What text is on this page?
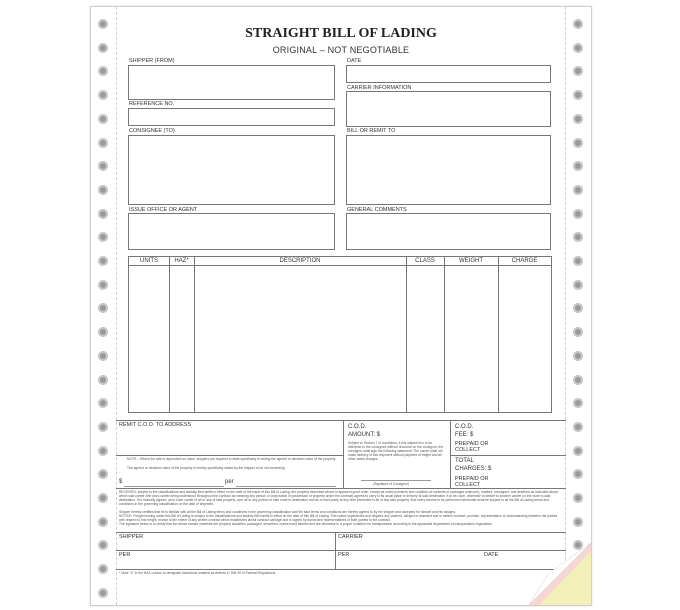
STRAIGHT BILL OF LADING
ORIGINAL – NOT NEGOTIABLE
SHIPPER (FROM)
REFERENCE NO.
CONSIGNEE (TO)
ISSUE OFFICE OR AGENT
DATE
CARRIER INFORMATION
BILL OR REMIT TO
GENERAL COMMENTS
UNITS	HAZ*	DESCRIPTION	CLASS	WEIGHT	CHARGE
REMIT C.O.D. TO ADDRESS	C.O.D.
AMOUNT: $
Subject to Section 7 of conditions, if this shipment is to be delivered to the consignee without recourse on the consignor, the consignor shall sign the following statement: The carrier shall not make delivery of this shipment without payment of freight and all other lawful charges.
(Signature of Consignor)
C.O.D.
FEE: $
PREPAID OR
COLLECT
TOTAL
CHARGES: $
PREPAID OR
COLLECT
NOTE – Where the rate is dependent on value, shippers are required to state specifically in writing the agreed or declared value of the property.
The agreed or declared value of the property is hereby specifically stated by the shipper to be not exceeding
$	per
RECEIVED, subject to the classifications and lawfully filed tariffs in effect on the date of the issue of this Bill of Lading, the property described above in apparent good order, except as noted (contents and condition of contents of packages unknown), marked, consigned, and destined as indicated above which said carrier (the word carrier being understood throughout the contract as meaning any person or corporation in possession of property under the contract) agrees to carry to its usual place of delivery at said destination if on its route, otherwise to deliver to another carrier on the route to said destination. It is mutually agreed, as to each carrier of all or any of said property, over all or any portion of said route to destination and as to each party at any time interested in all or any said property, that every service to be performed hereunder shall be subject to all the Bill of Lading terms and conditions in the governing classification on the date of shipment.
Shipper hereby certifies that he is familiar with all the Bill of Lading terms and conditions in the governing classification and the said terms and conditions are hereby agreed to by the shipper and accepted for himself and his assigns.
NOTICE: Freight moving under this Bill of Lading is subject to the classifications and lawfully filed tariffs in effect on the date of this Bill of Lading. This notice supersedes and negates any claimed, alleged or asserted oral or written contract, promise, representation or understanding between the parties with respect to this freight, except to the extent of any written contract which establishes lawful contract carriage and is signed by authorized representatives of both parties to the contract.
The signature below is to certify that the above named materials are properly classified, packaged, described, marked and labeled and are otherwise in a proper condition for transportation according to the applicable department of transportation regulations.
SHIPPER	CARRIER
PER	PER	DATE
* Mark "X" in the HAZ column to designate hazardous material as defined in Title 49 of Federal Regulations.
